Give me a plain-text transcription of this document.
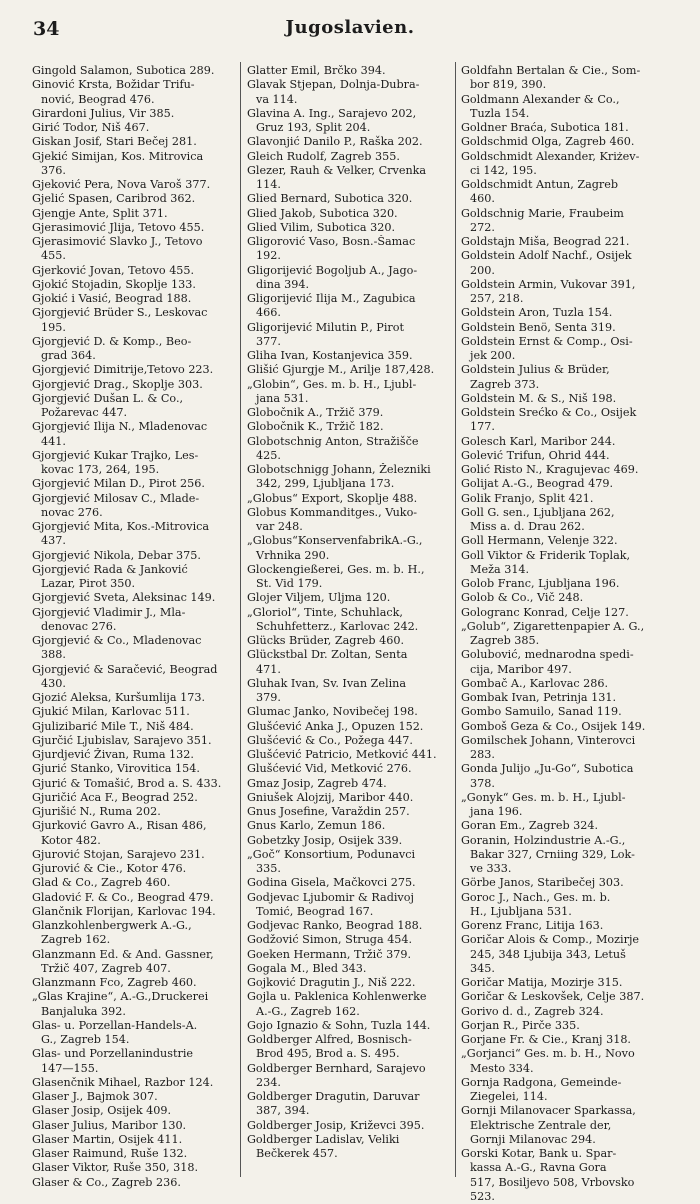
34	Jugoslavien.
Gingold Salamon, Subotica 289.
Ginović Krsta, Božidar Trifu-
nović, Beograd 476.
Girardoni Julius, Vir 385.
Girić Todor, Niš 467.
Giskan Josif, Stari Bečej 281.
Gjekić Simijan, Kos. Mitrovica
376.
Gjeković Pera, Nova Varoš 377.
Gjelić Spasen, Caribrod 362.
Gjengje Ante, Split 371.
Gjerasimović Jlija, Tetovo 455.
Gjerasimović Slavko J., Tetovo
455.
Gjerković Jovan, Tetovo 455.
Gjokić Stojadin, Skoplje 133.
Gjokić i Vasić, Beograd 188.
Gjorgjević Brüder S., Leskovac
195.
Gjorgjević D. & Komp., Beo-
grad 364.
Gjorgjević Dimitrije,Tetovo 223.
Gjorgjević Drag., Skoplje 303.
Gjorgjević Dušan L. & Co.,
Požarevac 447.
Gjorgjević Ilija N., Mladenovac
441.
Gjorgjević Kukar Trajko, Les-
kovac 173, 264, 195.
Gjorgjević Milan D., Pirot 256.
Gjorgjević Milosav C., Mlade-
novac 276.
Gjorgjević Mita, Kos.-Mitrovica
437.
Gjorgjević Nikola, Debar 375.
Gjorgjević Rada & Janković
Lazar, Pirot 350.
Gjorgjević Sveta, Aleksinac 149.
Gjorgjević Vladimir J., Mla-
denovac 276.
Gjorgjević & Co., Mladenovac
388.
Gjorgjević & Saračević, Beograd
430.
Gjozić Aleksa, Kuršumlija 173.
Gjukić Milan, Karlovac 511.
Gjulizibarić Mile T., Niš 484.
Gjurčić Ljubislav, Sarajevo 351.
Gjurdjević Živan, Ruma 132.
Gjurić Stanko, Virovitica 154.
Gjurić & Tomašić, Brod a. S. 433.
Gjuričić Aca F., Beograd 252.
Gjurišić N., Ruma 202.
Gjurković Gavro A., Risan 486,
Kotor 482.
Gjurović Stojan, Sarajevo 231.
Gjurović & Cie., Kotor 476.
Glad & Co., Zagreb 460.
Gladović F. & Co., Beograd 479.
Glančnik Florijan, Karlovac 194.
Glanzkohlenbergwerk A.-G.,
Zagreb 162.
Glanzmann Ed. & And. Gassner,
Tržič 407, Zagreb 407.
Glanzmann Fco, Zagreb 460.
„Glas Krajine“, A.-G.,Druckerei
Banjaluka 392.
Glas- u. Porzellan-Handels-A.
G., Zagreb 154.
Glas- und Porzellanindustrie
147—155.
Glasenčnik Mihael, Razbor 124.
Glaser J., Bajmok 307.
Glaser Josip, Osijek 409.
Glaser Julius, Maribor 130.
Glaser Martin, Osijek 411.
Glaser Raimund, Ruše 132.
Glaser Viktor, Ruše 350, 318.
Glaser & Co., Zagreb 236.
Glatter Emil, Brčko 394.
Glavak Stjepan, Dolnja-Dubra-
va 114.
Glavina A. Ing., Sarajevo 202,
Gruz 193, Split 204.
Glavonjić Danilo P., Raška 202.
Gleich Rudolf, Zagreb 355.
Glezer, Rauh & Velker, Crvenka
114.
Glied Bernard, Subotica 320.
Glied Jakob, Subotica 320.
Glied Vilim, Subotica 320.
Gligorović Vaso, Bosn.-Šamac
192.
Gligorijević Bogoljub A., Jago-
dina 394.
Gligorijević Ilija M., Zagubica
466.
Gligorijević Milutin P., Pirot
377.
Gliha Ivan, Kostanjevica 359.
Glišić Gjurgje M., Arilje 187,428.
„Globin“, Ges. m. b. H., Ljubl-
jana 531.
Globočnik A., Tržič 379.
Globočnik K., Tržič 182.
Globotschnig Anton, Stražišče
425.
Globotschnigg Johann, Železniki
342, 299, Ljubljana 173.
„Globus“ Export, Skoplje 488.
Globus Kommanditges., Vuko-
var 248.
„Globus“KonservenfabrikA.-G.,
Vrhnika 290.
Glockengießerei, Ges. m. b. H.,
St. Vid 179.
Glojer Viljem, Uljma 120.
„Gloriol“, Tinte, Schuhlack,
Schuhfetterz., Karlovac 242.
Glücks Brüder, Zagreb 460.
Glückstbal Dr. Zoltan, Senta
471.
Gluhak Ivan, Sv. Ivan Zelina
379.
Glumac Janko, Novibečej 198.
Glušćević Anka J., Opuzen 152.
Glušćević & Co., Požega 447.
Glušćević Patricio, Metković 441.
Glušćević Vid, Metković 276.
Gmaz Josip, Zagreb 474.
Gniušek Alojzij, Maribor 440.
Gnus Josefine, Varaždin 257.
Gnus Karlo, Zemun 186.
Gobetzky Josip, Osijek 339.
„Goč“ Konsortium, Podunavci
335.
Godina Gisela, Mačkovci 275.
Godjevac Ljubomir & Radivoj
Tomić, Beograd 167.
Godjevac Ranko, Beograd 188.
Godžović Simon, Struga 454.
Goeken Hermann, Tržič 379.
Gogala M., Bled 343.
Gojković Dragutin J., Niš 222.
Gojla u. Paklenica Kohlenwerke
A.-G., Zagreb 162.
Gojo Ignazio & Sohn, Tuzla 144.
Goldberger Alfred, Bosnisch-
Brod 495, Brod a. S. 495.
Goldberger Bernhard, Sarajevo
234.
Goldberger Dragutin, Daruvar
387, 394.
Goldberger Josip, Križevci 395.
Goldberger Ladislav, Veliki
Bečkerek 457.
Goldfahn Bertalan & Cie., Som-
bor 819, 390.
Goldmann Alexander & Co.,
Tuzla 154.
Goldner Braća, Subotica 181.
Goldschmid Olga, Zagreb 460.
Goldschmidt Alexander, Kriżev-
ci 142, 195.
Goldschmidt Antun, Zagreb
460.
Goldschnig Marie, Fraubeim
272.
Goldstajn Miša, Beograd 221.
Goldstein Adolf Nachf., Osijek
200.
Goldstein Armin, Vukovar 391,
257, 218.
Goldstein Aron, Tuzla 154.
Goldstein Benö, Senta 319.
Goldstein Ernst & Comp., Osi-
jek 200.
Goldstein Julius & Brüder,
Zagreb 373.
Goldstein M. & S., Niš 198.
Goldstein Srećko & Co., Osijek
177.
Golesch Karl, Maribor 244.
Golević Trifun, Ohrid 444.
Golić Risto N., Kragujevac 469.
Golijat A.-G., Beograd 479.
Golik Franjo, Split 421.
Goll G. sen., Ljubljana 262,
Miss a. d. Drau 262.
Goll Hermann, Velenje 322.
Goll Viktor & Friderik Toplak,
Meža 314.
Golob Franc, Ljubljana 196.
Golob & Co., Vič 248.
Gologranc Konrad, Celje 127.
„Golub“, Zigarettenpapier A. G.,
Zagreb 385.
Golubović, mednarodna spedi-
cija, Maribor 497.
Gombač A., Karlovac 286.
Gombak Ivan, Petrinja 131.
Gombo Samuilo, Sanad 119.
Gomboš Geza & Co., Osijek 149.
Gomilschek Johann, Vinterovci
283.
Gonda Julijo „Ju-Go“, Subotica
378.
„Gonyk“ Ges. m. b. H., Ljubl-
jana 196.
Goran Em., Zagreb 324.
Goranin, Holzindustrie A.-G.,
Bakar 327, Crniing 329, Lok-
ve 333.
Görbe Janos, Staribečej 303.
Goroc J., Nach., Ges. m. b.
H., Ljubljana 531.
Gorenz Franc, Litija 163.
Goričar Alois & Comp., Mozirje
245, 348 Ljubija 343, Letuš
345.
Goričar Matija, Mozirje 315.
Goričar & Leskovšek, Celje 387.
Gorivo d. d., Zagreb 324.
Gorjan R., Pirče 335.
Gorjane Fr. & Cie., Kranj 318.
„Gorjanci“ Ges. m. b. H., Novo
Mesto 334.
Gornja Radgona, Gemeinde-
Ziegelei, 114.
Gornji Milanovacer Sparkassa,
Elektrische Zentrale der,
Gornji Milanovac 294.
Gorski Kotar, Bank u. Spar-
kassa A.-G., Ravna Gora
517, Bosiljevo 508, Vrbovsko
523.
